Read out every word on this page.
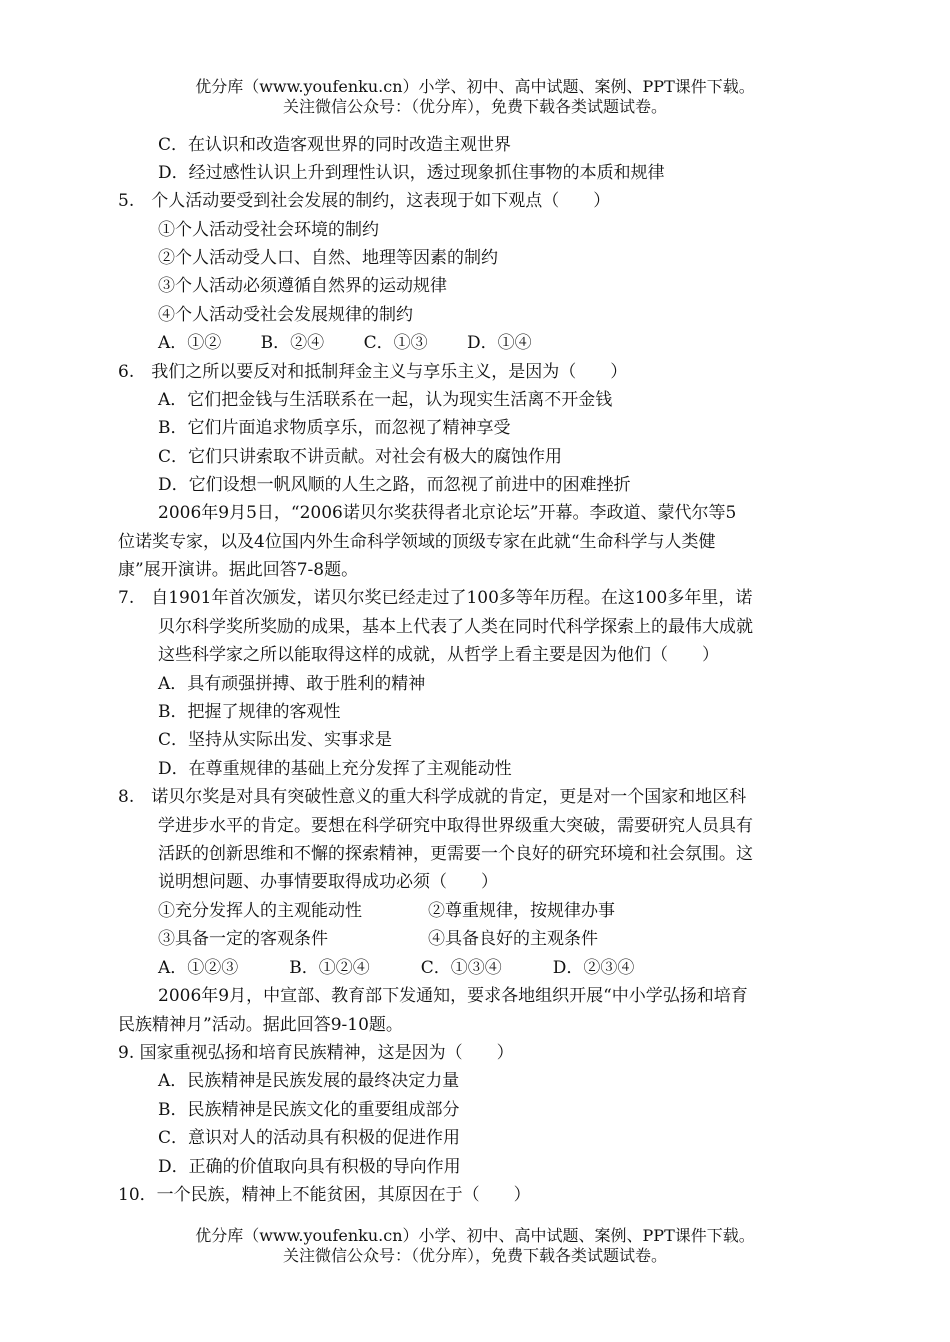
优分库（www.youfenku.cn）小学、初中、高中试题、案例、PPT课件下载。
关注微信公众号：（优分库），免费下载各类试题试卷。
C．在认识和改造客观世界的同时改造主观世界
D．经过感性认识上升到理性认识，透过现象抓住事物的本质和规律
5.　个人活动要受到社会发展的制约，这表现于如下观点（　　）
①个人活动受社会环境的制约
②个人活动受人口、自然、地理等因素的制约
③个人活动必须遵循自然界的运动规律
④个人活动受社会发展规律的制约
A．①②　　 B．②④　　 C．①③　　 D．①④
6.　我们之所以要反对和抵制拜金主义与享乐主义，是因为（　　）
A．它们把金钱与生活联系在一起，认为现实生活离不开金钱
B．它们片面追求物质享乐，而忽视了精神享受
C．它们只讲索取不讲贡献。对社会有极大的腐蚀作用
D．它们设想一帆风顺的人生之路，而忽视了前进中的困难挫折
2006年9月5日，“2006诺贝尔奖获得者北京论坛”开幕。李政道、蒙代尔等5
位诺奖专家，以及4位国内外生命科学领域的顶级专家在此就“生命科学与人类健
康”展开演讲。据此回答7-8题。
7.　自1901年首次颁发，诺贝尔奖已经走过了100多等年历程。在这100多年里，诺
贝尔科学奖所奖励的成果，基本上代表了人类在同时代科学探索上的最伟大成就
这些科学家之所以能取得这样的成就，从哲学上看主要是因为他们（　　）
A．具有顽强拼搏、敢于胜利的精神
B．把握了规律的客观性
C．坚持从实际出发、实事求是
D．在尊重规律的基础上充分发挥了主观能动性
8.　诺贝尔奖是对具有突破性意义的重大科学成就的肯定，更是对一个国家和地区科
学进步水平的肯定。要想在科学研究中取得世界级重大突破，需要研究人员具有
活跃的创新思维和不懈的探索精神，更需要一个良好的研究环境和社会氛围。这
说明想问题、办事情要取得成功必须（　　）
①充分发挥人的主观能动性	②尊重规律，按规律办事
③具备一定的客观条件	④具备良好的主观条件
A．①②③　　　B．①②④　　　C．①③④　　　D．②③④
2006年9月，中宣部、教育部下发通知，要求各地组织开展“中小学弘扬和培育
民族精神月”活动。据此回答9-10题。
9. 国家重视弘扬和培育民族精神，这是因为（　　）
A．民族精神是民族发展的最终决定力量
B．民族精神是民族文化的重要组成部分
C．意识对人的活动具有积极的促进作用
D．正确的价值取向具有积极的导向作用
10．一个民族，精神上不能贫困，其原因在于（　　）
优分库（www.youfenku.cn）小学、初中、高中试题、案例、PPT课件下载。
关注微信公众号：（优分库），免费下载各类试题试卷。
